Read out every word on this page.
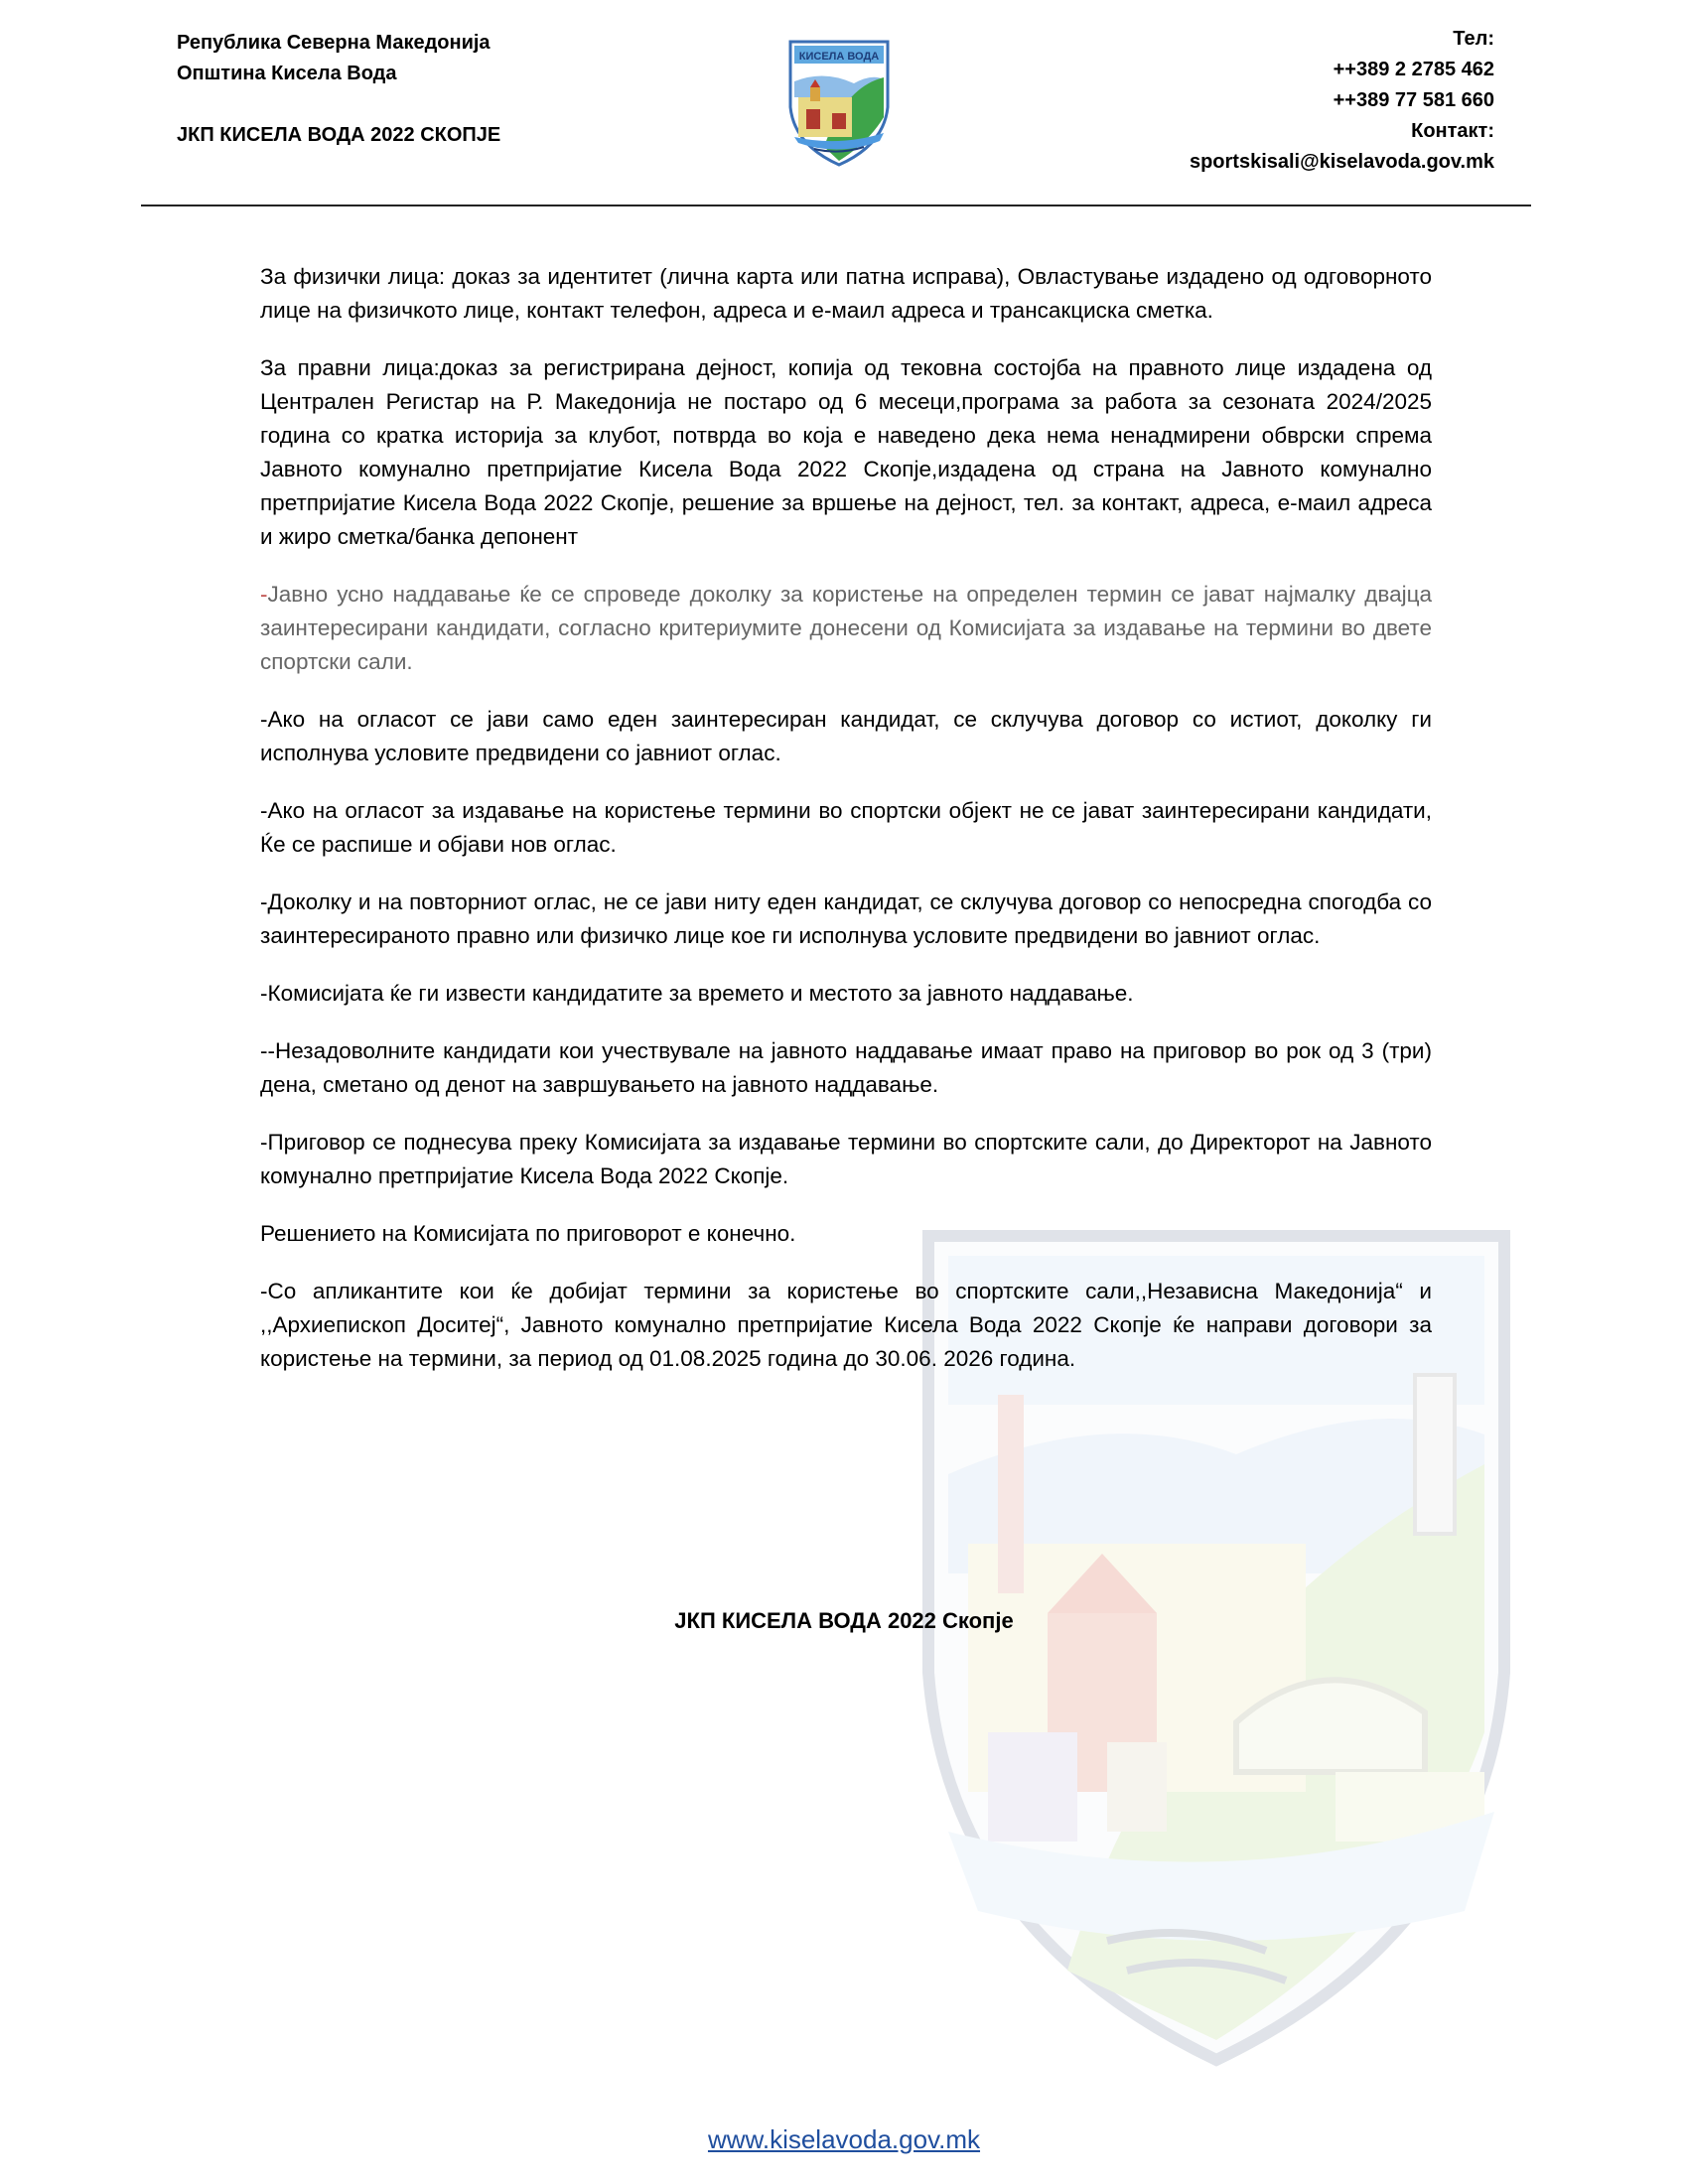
Република Северна Македонија
Општина Кисела Вода
ЈКП КИСЕЛА ВОДА 2022 СКОПЈЕ
КИСЕЛА ВОДА
Тел:
++389 2 2785 462
++389 77 581 660
Контакт:
sportskisali@kiselavoda.gov.mk

За физички лица: доказ за идентитет (лична карта или патна исправа), Овластување издадено од одговорното лице на физичкото лице, контакт телефон, адреса и е-маил адреса и трансакциска сметка.

За правни лица:доказ за регистрирана дејност, копија од тековна состојба на правното лице издадена од Централен Регистар на Р. Македонија не постаро од 6 месеци,програма за работа за сезоната 2024/2025 година со кратка историја за клубот, потврда во која е наведено дека нема ненадмирени обврски спрема Јавното комунално претпријатие Кисела Вода 2022 Скопје,издадена од страна на Јавното комунално претпријатие Кисела Вода 2022 Скопје, решение за вршење на дејност, тел. за контакт, адреса, е-маил адреса и жиро сметка/банка депонент

-Јавно усно наддавање ќе се спроведе доколку за користење на определен термин се јават најмалку двајца заинтересирани кандидати, согласно критериумите донесени од Комисијата за издавање на термини во двете спортски сали.

-Ако на огласот се јави само еден заинтересиран кандидат, се склучува договор со истиот, доколку ги исполнува условите предвидени со јавниот оглас.

-Ако на огласот за издавање на користење термини во спортски објект не се јават заинтересирани кандидати, Ќе се распише и објави нов оглас.

-Доколку и на повторниот оглас, не се јави ниту еден кандидат, се склучува договор со непосредна спогодба со заинтересираното правно или физичко лице кое ги исполнува условите предвидени во јавниот оглас.

-Комисијата ќе ги извести кандидатите за времето и местото за јавното наддавање.

--Незадоволните кандидати кои учествувале на јавното наддавање имаат право на приговор во рок од 3 (три) дена, сметано од денот на завршувањето на јавното наддавање.

-Приговор се поднесува преку Комисијата за издавање термини во спортските сали, до Директорот на Јавното комунално претпријатие Кисела Вода 2022 Скопје.

Решението на Комисијата по приговорот е конечно.

-Со апликантите кои ќе добијат термини за користење во спортските сали,,Независна Македонија“ и ,,Архиепископ Доситеј“, Јавното комунално претпријатие Кисела Вода 2022 Скопје ќе направи договори за користење на термини, за период од 01.08.2025 година до 30.06. 2026 година.

ЈКП КИСЕЛА ВОДА 2022 Скопје
www.kiselavoda.gov.mk
